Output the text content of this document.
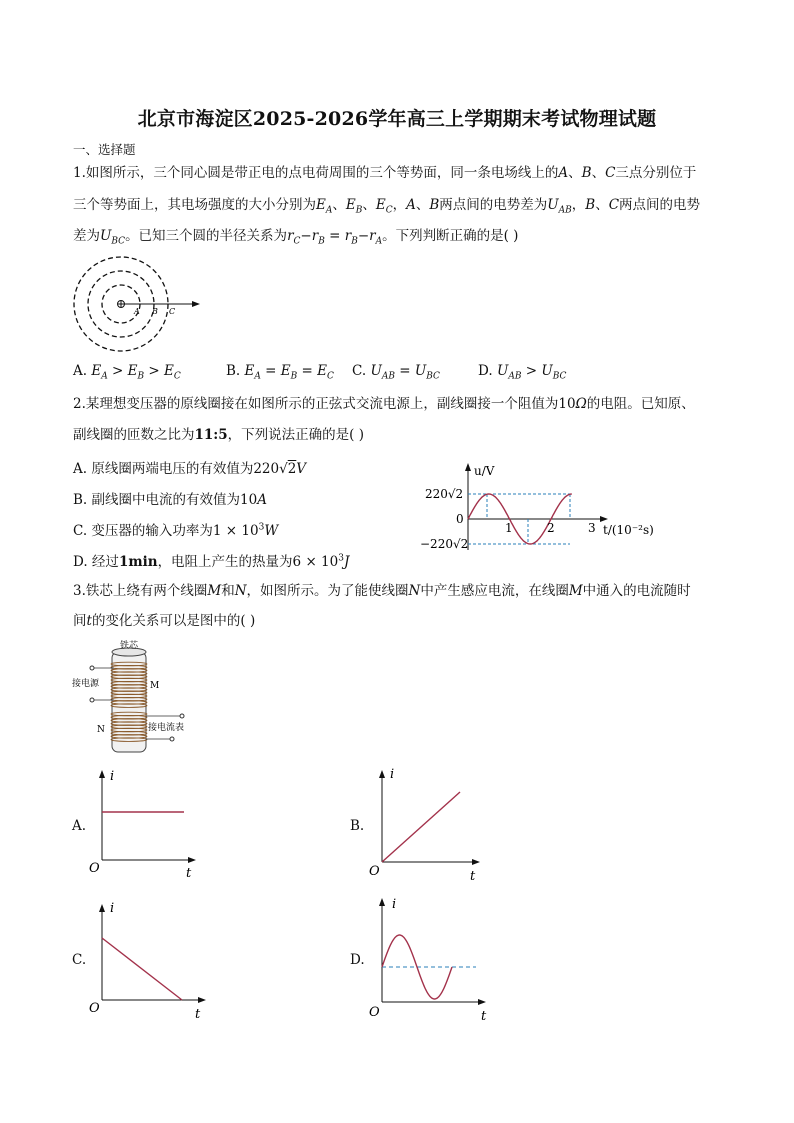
北京市海淀区2025-2026学年高三上学期期末考试物理试题
一、选择题
1.如图所示，三个同心圆是带正电的点电荷周围的三个等势面，同一条电场线上的A、B、C三点分别位于
三个等势面上，其电场强度的大小分别为$E_A$、$E_B$、$E_C$，A、B两点间的电势差为$U_{AB}$，B、C两点间的电势
差为$U_{BC}$。已知三个圆的半径关系为$r_C-r_B = r_B-r_A$。下列判断正确的是( )
A B C
A. $E_A > E_B > E_C$	B. $E_A = E_B = E_C$ C. $U_{AB} = U_{BC}$	D. $U_{AB} > U_{BC}$
2.某理想变压器的原线圈接在如图所示的正弦式交流电源上，副线圈接一个阻值为10Ω的电阻。已知原、
副线圈的匝数之比为11:5，下列说法正确的是( )
A. 原线圈两端电压的有效值为220√2V
B. 副线圈中电流的有效值为10A
C. 变压器的输入功率为$1 \times 10^3W$
D. 经过1min，电阻上产生的热量为$6 \times 10^3J$
u/V
t/(10⁻²s)
220√2
0
−220√2
1	2	3
3.铁芯上绕有两个线圈M和N，如图所示。为了能使线圈N中产生感应电流，在线圈M中通入的电流随时
间t的变化关系可以是图中的( )
铁芯
接电源	M
N	接电流表
A.
i
O	t
B.
i
O	t
C.
i
O	t
D.
i
O	t
